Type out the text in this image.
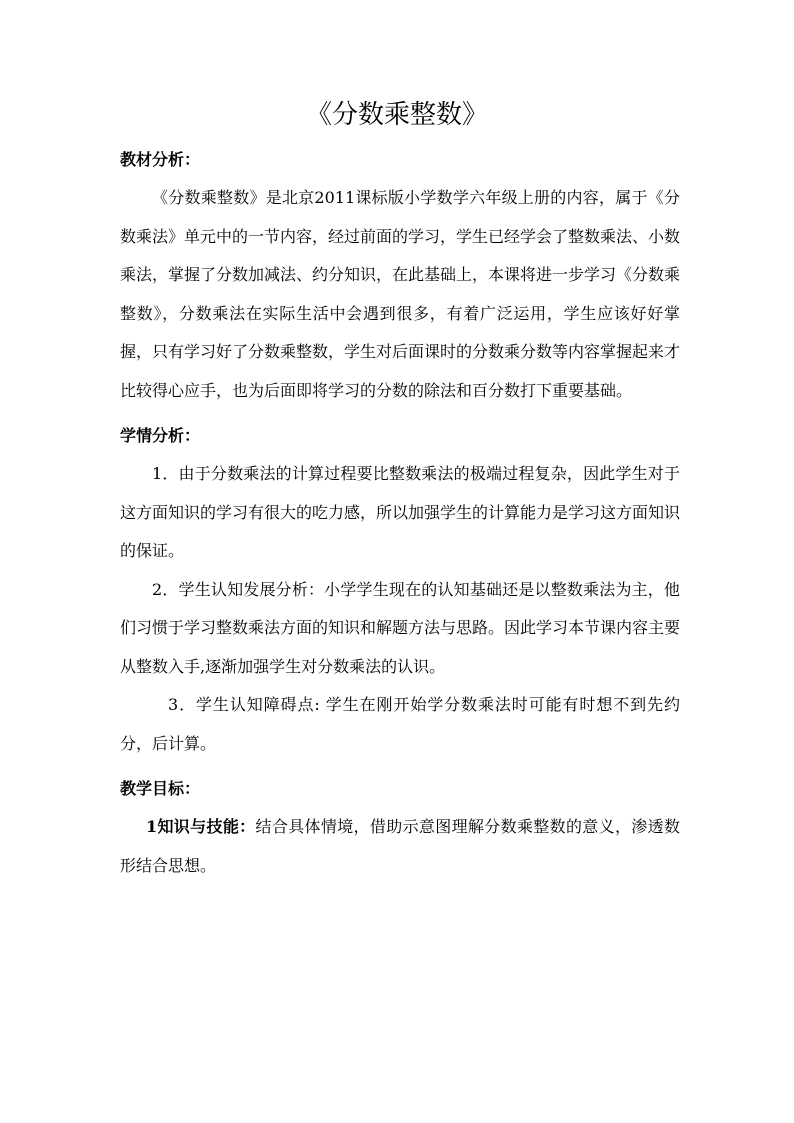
《分数乘整数》
教材分析：

《分数乘整数》是北京2011课标版小学数学六年级上册的内容，属于《分数乘法》单元中的一节内容，经过前面的学习，学生已经学会了整数乘法、小数乘法，掌握了分数加减法、约分知识，在此基础上，本课将进一步学习《分数乘整数》，分数乘法在实际生活中会遇到很多，有着广泛运用，学生应该好好掌握，只有学习好了分数乘整数，学生对后面课时的分数乘分数等内容掌握起来才比较得心应手，也为后面即将学习的分数的除法和百分数打下重要基础。

学情分析：

1．由于分数乘法的计算过程要比整数乘法的极端过程复杂，因此学生对于这方面知识的学习有很大的吃力感，所以加强学生的计算能力是学习这方面知识的保证。

2．学生认知发展分析：小学学生现在的认知基础还是以整数乘法为主，他们习惯于学习整数乘法方面的知识和解题方法与思路。因此学习本节课内容主要从整数入手,逐渐加强学生对分数乘法的认识。

3．学生认知障碍点: 学生在刚开始学分数乘法时可能有时想不到先约分，后计算。

教学目标：

1知识与技能：结合具体情境，借助示意图理解分数乘整数的意义，渗透数形结合思想。
